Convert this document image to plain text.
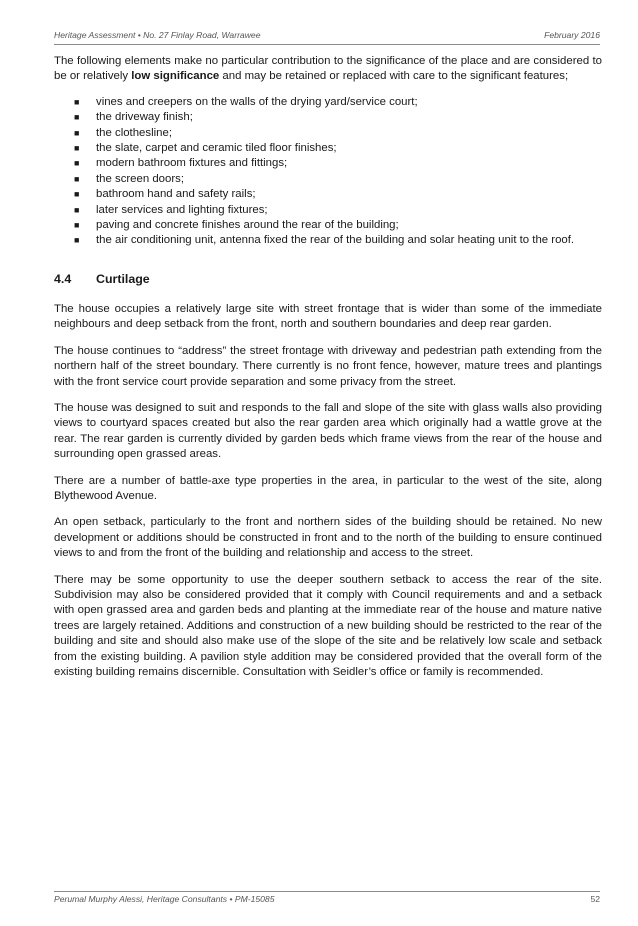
Heritage Assessment • No. 27 Finlay Road, Warrawee	February 2016

The following elements make no particular contribution to the significance of the place and are considered to be or relatively low significance and may be retained or replaced with care to the significant features;

■ vines and creepers on the walls of the drying yard/service court;
■ the driveway finish;
■ the clothesline;
■ the slate, carpet and ceramic tiled floor finishes;
■ modern bathroom fixtures and fittings;
■ the screen doors;
■ bathroom hand and safety rails;
■ later services and lighting fixtures;
■ paving and concrete finishes around the rear of the building;
■ the air conditioning unit, antenna fixed the rear of the building and solar heating unit to the roof.
4.4 Curtilage

The house occupies a relatively large site with street frontage that is wider than some of the immediate neighbours and deep setback from the front, north and southern boundaries and deep rear garden.

The house continues to “address” the street frontage with driveway and pedestrian path extending from the northern half of the street boundary. There currently is no front fence, however, mature trees and plantings with the front service court provide separation and some privacy from the street.

The house was designed to suit and responds to the fall and slope of the site with glass walls also providing views to courtyard spaces created but also the rear garden area which originally had a wattle grove at the rear. The rear garden is currently divided by garden beds which frame views from the rear of the house and surrounding open grassed areas.

There are a number of battle-axe type properties in the area, in particular to the west of the site, along Blythewood Avenue.

An open setback, particularly to the front and northern sides of the building should be retained. No new development or additions should be constructed in front and to the north of the building to ensure continued views to and from the front of the building and relationship and access to the street.

There may be some opportunity to use the deeper southern setback to access the rear of the site. Subdivision may also be considered provided that it comply with Council requirements and and a setback with open grassed area and garden beds and planting at the immediate rear of the house and mature native trees are largely retained. Additions and construction of a new building should be restricted to the rear of the building and site and should also make use of the slope of the site and be relatively low scale and setback from the existing building. A pavilion style addition may be considered provided that the overall form of the existing building remains discernible. Consultation with Seidler’s office or family is recommended.

Perumal Murphy Alessi, Heritage Consultants • PM-15085	52
